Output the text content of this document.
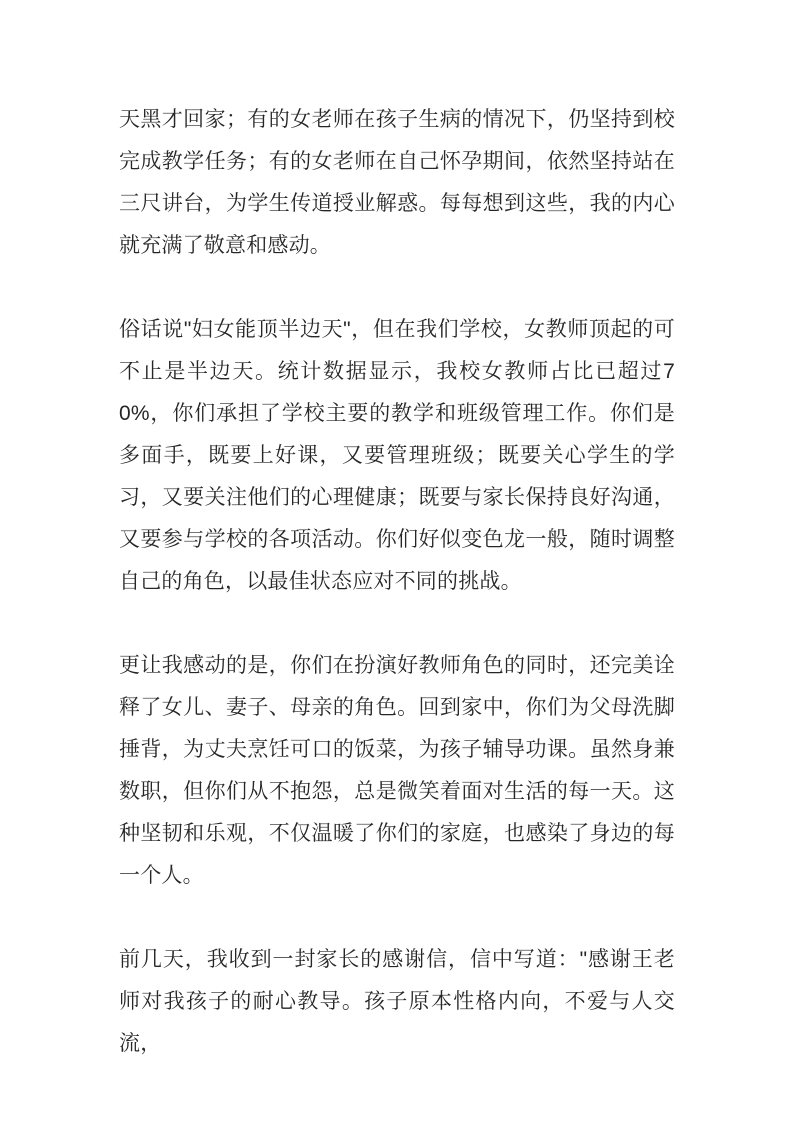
天黑才回家；有的女老师在孩子生病的情况下，仍坚持到校完成教学任务；有的女老师在自己怀孕期间，依然坚持站在三尺讲台，为学生传道授业解惑。每每想到这些，我的内心就充满了敬意和感动。

俗话说"妇女能顶半边天"，但在我们学校，女教师顶起的可不止是半边天。统计数据显示，我校女教师占比已超过70%，你们承担了学校主要的教学和班级管理工作。你们是多面手，既要上好课，又要管理班级；既要关心学生的学习，又要关注他们的心理健康；既要与家长保持良好沟通，又要参与学校的各项活动。你们好似变色龙一般，随时调整自己的角色，以最佳状态应对不同的挑战。

更让我感动的是，你们在扮演好教师角色的同时，还完美诠释了女儿、妻子、母亲的角色。回到家中，你们为父母洗脚捶背，为丈夫烹饪可口的饭菜，为孩子辅导功课。虽然身兼数职，但你们从不抱怨，总是微笑着面对生活的每一天。这种坚韧和乐观，不仅温暖了你们的家庭，也感染了身边的每一个人。

前几天，我收到一封家长的感谢信，信中写道："感谢王老师对我孩子的耐心教导。孩子原本性格内向，不爱与人交流，
